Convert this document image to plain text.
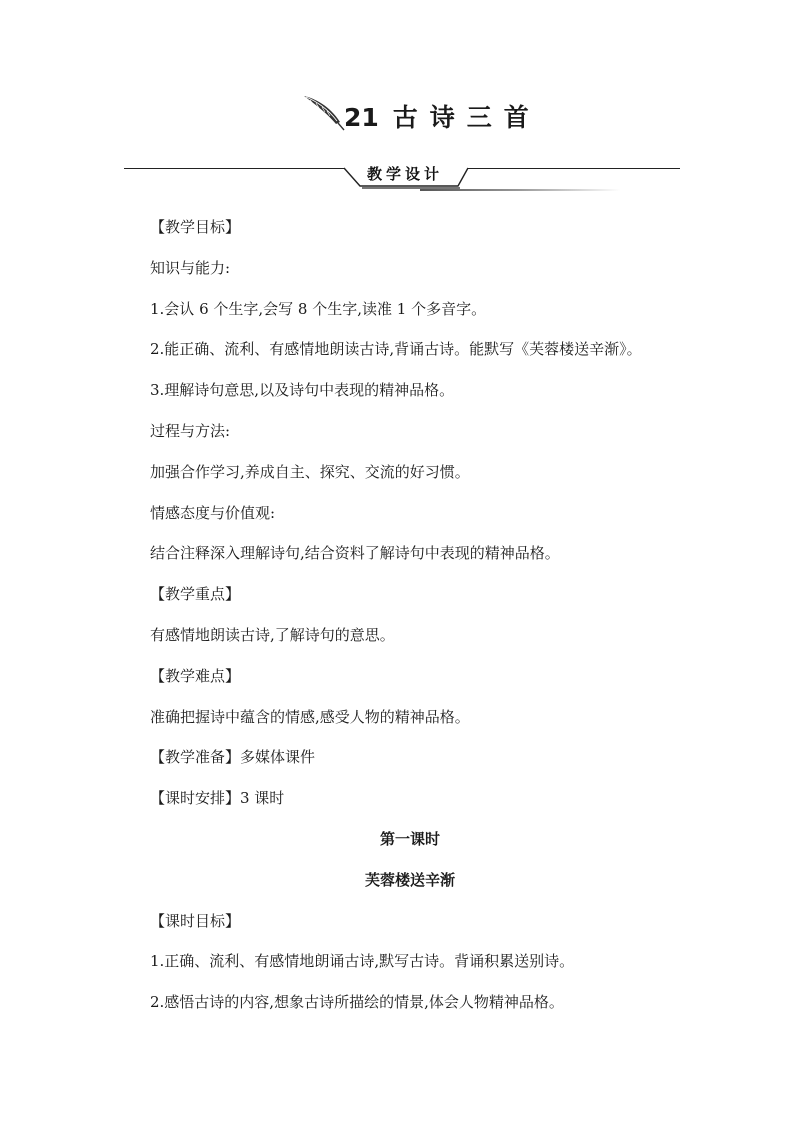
21 古诗三首
教学设计
【教学目标】
知识与能力:
1.会认 6 个生字,会写 8 个生字,读准 1 个多音字。
2.能正确、流利、有感情地朗读古诗,背诵古诗。能默写《芙蓉楼送辛渐》。
3.理解诗句意思,以及诗句中表现的精神品格。
过程与方法:
加强合作学习,养成自主、探究、交流的好习惯。
情感态度与价值观:
结合注释深入理解诗句,结合资料了解诗句中表现的精神品格。
【教学重点】
有感情地朗读古诗,了解诗句的意思。
【教学难点】
准确把握诗中蕴含的情感,感受人物的精神品格。
【教学准备】多媒体课件
【课时安排】3 课时
第一课时
芙蓉楼送辛渐
【课时目标】
1.正确、流利、有感情地朗诵古诗,默写古诗。背诵积累送别诗。
2.感悟古诗的内容,想象古诗所描绘的情景,体会人物精神品格。
